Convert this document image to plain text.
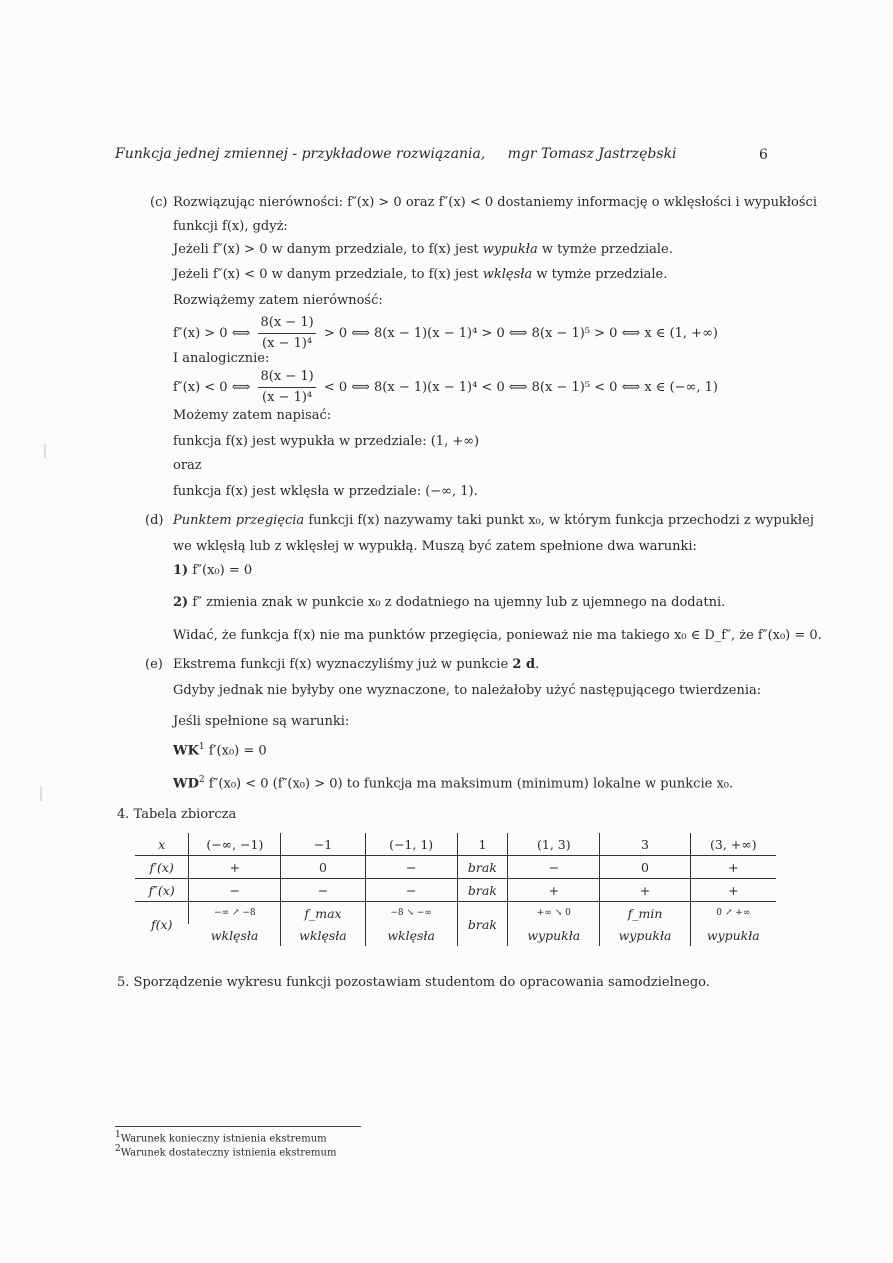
Funkcja jednej zmiennej - przykładowe rozwiązania, mgr Tomasz Jastrzębski	6
(c) Rozwiązując nierówności: f″(x) > 0 oraz f″(x) < 0 dostaniemy informację o wklęsłości i wypukłości
funkcji f(x), gdyż:
Jeżeli f″(x) > 0 w danym przedziale, to f(x) jest wypukła w tymże przedziale.
Jeżeli f″(x) < 0 w danym przedziale, to f(x) jest wklęsła w tymże przedziale.
Rozwiążemy zatem nierówność:
f″(x) > 0 ⟺ $\frac{8(x - 1)}{\text{(x − 1)⁴}} > 0$ ⟺ 8(x − 1)(x − 1)⁴ > 0 ⟺ 8(x − 1)⁵ > 0 ⟺ x ∈ (1, +∞)
I analogicznie:
f″(x) < 0 ⟺ $\frac{8(x - 1)}{\text{(x − 1)⁴}} < 0$ ⟺ 8(x − 1)(x − 1)⁴ < 0 ⟺ 8(x − 1)⁵ < 0 ⟺ x ∈ (−∞, 1)
Możemy zatem napisać:
funkcja f(x) jest wypukła w przedziale: (1, +∞)
oraz
funkcja f(x) jest wklęsła w przedziale: (−∞, 1).
(d) Punktem przegięcia funkcji f(x) nazywamy taki punkt x₀, w którym funkcja przechodzi z wypukłej
we wklęsłą lub z wklęsłej w wypukłą. Muszą być zatem spełnione dwa warunki:
1) f″(x₀) = 0
2) f″ zmienia znak w punkcie x₀ z dodatniego na ujemny lub z ujemnego na dodatni.
Widać, że funkcja f(x) nie ma punktów przegięcia, ponieważ nie ma takiego x₀ ∈ D_f″, że f″(x₀) = 0.
(e) Ekstrema funkcji f(x) wyznaczyliśmy już w punkcie 2 d.
Gdyby jednak nie byłyby one wyznaczone, to należałoby użyć następującego twierdzenia:
Jeśli spełnione są warunki:
$WK^1$ f′(x₀) = 0
$WD^2$ f″(x₀) < 0 (f″(x₀) > 0) to funkcja ma maksimum (minimum) lokalne w punkcie x₀.
4. Tabela zbiorcza
x	(−∞, −1)	−1	(−1, 1)	1	(1, 3)	3	(3, +∞)
f′(x)	+	0	−	brak	−	0	+
f″(x)	−	−	−	brak	+	+	+
f(x)	−∞ ↗ −8	f_max	−8 ↘ −∞	brak	+∞ ↘ 0	f_min	0 ↗ +∞
	wklęsła	wklęsła	wklęsła		wypukła	wypukła	wypukła
5. Sporządzenie wykresu funkcji pozostawiam studentom do opracowania samodzielnego.
$^1$Warunek konieczny istnienia ekstremum
$^2$Warunek dostateczny istnienia ekstremum
